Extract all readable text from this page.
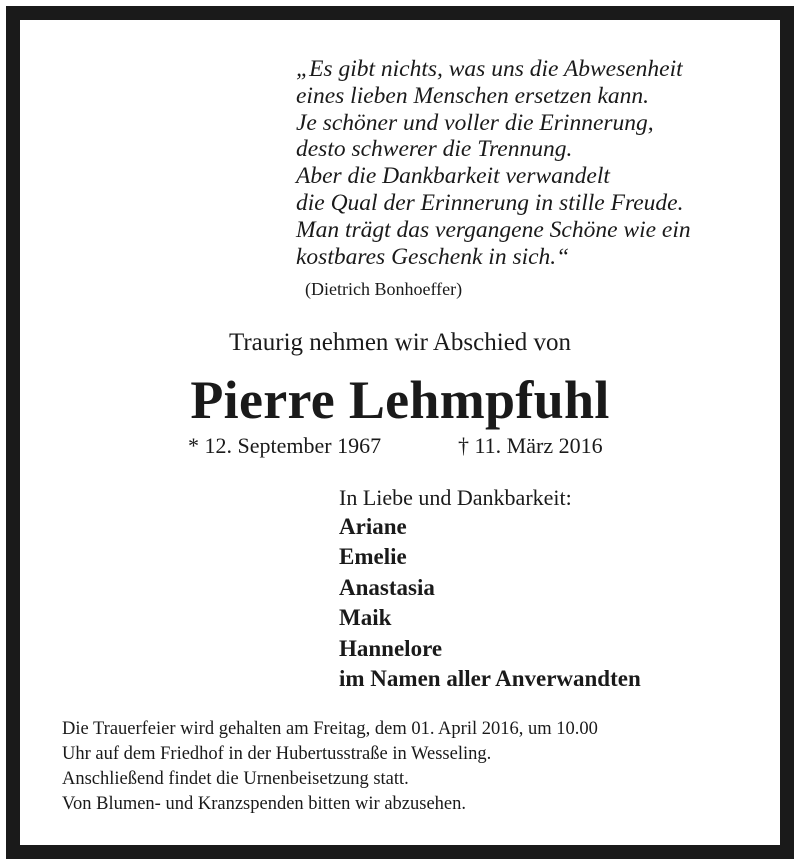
„Es gibt nichts, was uns die Abwesenheit
eines lieben Menschen ersetzen kann.
Je schöner und voller die Erinnerung,
desto schwerer die Trennung.
Aber die Dankbarkeit verwandelt
die Qual der Erinnerung in stille Freude.
Man trägt das vergangene Schöne wie ein
kostbares Geschenk in sich.“
(Dietrich Bonhoeffer)
Traurig nehmen wir Abschied von
Pierre Lehmpfuhl
* 12. September 1967	† 11. März 2016
In Liebe und Dankbarkeit:
Ariane
Emelie
Anastasia
Maik
Hannelore
im Namen aller Anverwandten
Die Trauerfeier wird gehalten am Freitag, dem 01. April 2016, um 10.00
Uhr auf dem Friedhof in der Hubertusstraße in Wesseling.
Anschließend findet die Urnenbeisetzung statt.
Von Blumen- und Kranzspenden bitten wir abzusehen.
